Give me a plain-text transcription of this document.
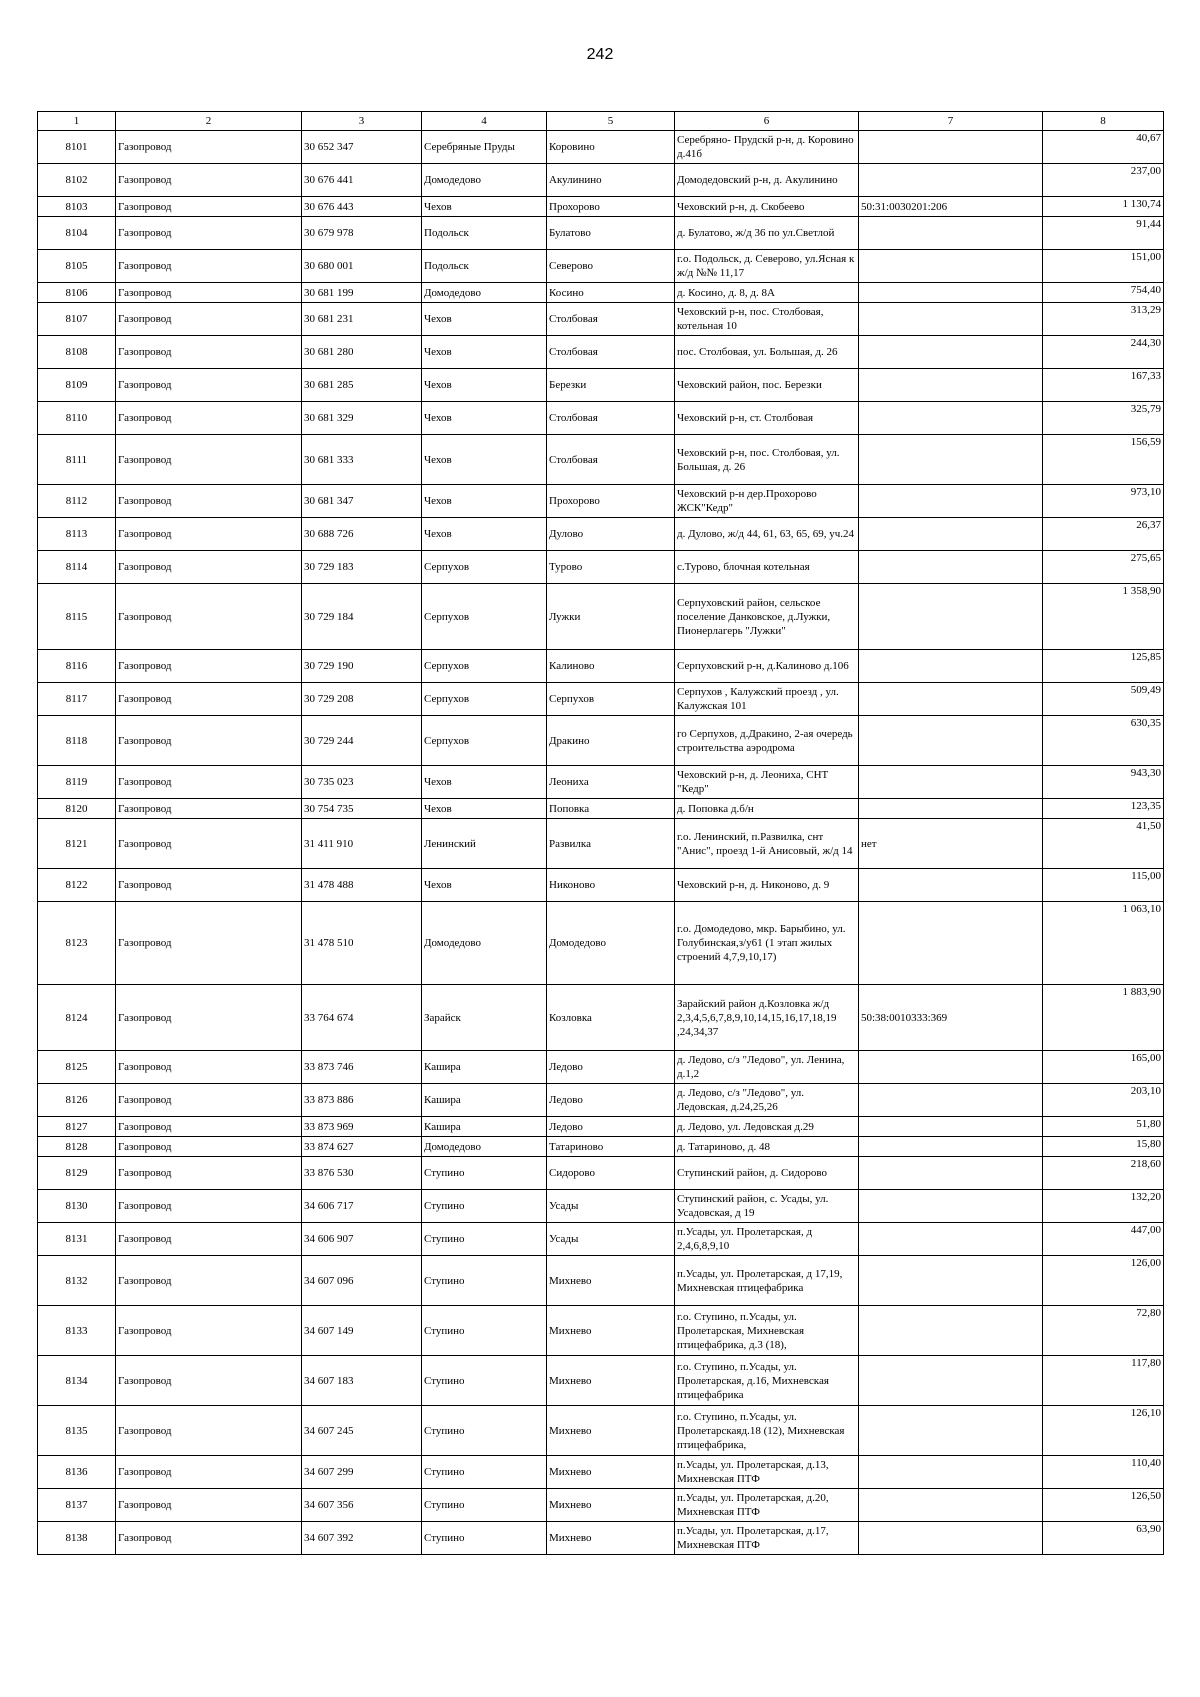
242
1	2	3	4	5	6	7	8
8101	Газопровод	30 652 347	Серебряные Пруды	Коровино	Серебряно- Прудскй р-н, д. Коровино д.41б		40,67
8102	Газопровод	30 676 441	Домодедово	Акулинино	Домодедовский р-н, д. Акулинино		237,00
8103	Газопровод	30 676 443	Чехов	Прохорово	Чеховский р-н, д. Скобеево	50:31:0030201:206	1 130,74
8104	Газопровод	30 679 978	Подольск	Булатово	д. Булатово, ж/д 36 по ул.Светлой		91,44
8105	Газопровод	30 680 001	Подольск	Северово	г.о. Подольск, д. Северово, ул.Ясная к ж/д №№ 11,17		151,00
8106	Газопровод	30 681 199	Домодедово	Косино	д. Косино, д. 8, д. 8А		754,40
8107	Газопровод	30 681 231	Чехов	Столбовая	Чеховский р-н, пос. Столбовая, котельная 10		313,29
8108	Газопровод	30 681 280	Чехов	Столбовая	пос. Столбовая, ул. Большая, д. 26		244,30
8109	Газопровод	30 681 285	Чехов	Березки	Чеховский район, пос. Березки		167,33
8110	Газопровод	30 681 329	Чехов	Столбовая	Чеховский р-н, ст. Столбовая		325,79
8111	Газопровод	30 681 333	Чехов	Столбовая	Чеховский р-н, пос. Столбовая, ул. Большая, д. 26		156,59
8112	Газопровод	30 681 347	Чехов	Прохорово	Чеховский р-н дер.Прохорово ЖСК"Кедр"		973,10
8113	Газопровод	30 688 726	Чехов	Дулово	д. Дулово, ж/д 44, 61, 63, 65, 69, уч.24		26,37
8114	Газопровод	30 729 183	Серпухов	Турово	с.Турово, блочная котельная		275,65
8115	Газопровод	30 729 184	Серпухов	Лужки	Серпуховский район, сельское поселение Данковское, д.Лужки, Пионерлагерь "Лужки"		1 358,90
8116	Газопровод	30 729 190	Серпухов	Калиново	Серпуховский р-н, д.Калиново д.106		125,85
8117	Газопровод	30 729 208	Серпухов	Серпухов	Серпухов , Калужский проезд , ул. Калужская 101		509,49
8118	Газопровод	30 729 244	Серпухов	Дракино	го Серпухов, д.Дракино, 2-ая очередь строительства аэродрома		630,35
8119	Газопровод	30 735 023	Чехов	Леониха	Чеховский р-н, д. Леониха, СНТ "Кедр"		943,30
8120	Газопровод	30 754 735	Чехов	Поповка	д. Поповка д.б/н		123,35
8121	Газопровод	31 411 910	Ленинский	Развилка	г.о. Ленинский, п.Развилка, снт "Анис", проезд 1-й Анисовый, ж/д 14	нет	41,50
8122	Газопровод	31 478 488	Чехов	Никоново	Чеховский р-н, д. Никоново, д. 9		115,00
8123	Газопровод	31 478 510	Домодедово	Домодедово	г.о. Домодедово, мкр. Барыбино, ул. Голубинская,з/у61 (1 этап жилых строений 4,7,9,10,17)		1 063,10
8124	Газопровод	33 764 674	Зарайск	Козловка	Зарайский район д.Козловка ж/д 2,3,4,5,6,7,8,9,10,14,15,16,17,18,19 ,24,34,37	50:38:0010333:369	1 883,90
8125	Газопровод	33 873 746	Кашира	Ледово	д. Ледово, с/з "Ледово", ул. Ленина, д.1,2		165,00
8126	Газопровод	33 873 886	Кашира	Ледово	д. Ледово, с/з "Ледово", ул. Ледовская, д.24,25,26		203,10
8127	Газопровод	33 873 969	Кашира	Ледово	д. Ледово, ул. Ледовская д.29		51,80
8128	Газопровод	33 874 627	Домодедово	Татариново	д. Татариново, д. 48		15,80
8129	Газопровод	33 876 530	Ступино	Сидорово	Ступинский район, д. Сидорово		218,60
8130	Газопровод	34 606 717	Ступино	Усады	Ступинский район, с. Усады, ул. Усадовская, д 19		132,20
8131	Газопровод	34 606 907	Ступино	Усады	п.Усады, ул. Пролетарская, д 2,4,6,8,9,10		447,00
8132	Газопровод	34 607 096	Ступино	Михнево	п.Усады, ул. Пролетарская, д 17,19, Михневская птицефабрика		126,00
8133	Газопровод	34 607 149	Ступино	Михнево	г.о. Ступино, п.Усады, ул. Пролетарская, Михневская птицефабрика, д.3 (18),		72,80
8134	Газопровод	34 607 183	Ступино	Михнево	г.о. Ступино, п.Усады, ул. Пролетарская, д.16, Михневская птицефабрика		117,80
8135	Газопровод	34 607 245	Ступино	Михнево	г.о. Ступино, п.Усады, ул. Пролетарскаяд.18 (12), Михневская птицефабрика,		126,10
8136	Газопровод	34 607 299	Ступино	Михнево	п.Усады, ул. Пролетарская, д.13, Михневская ПТФ		110,40
8137	Газопровод	34 607 356	Ступино	Михнево	п.Усады, ул. Пролетарская, д.20, Михневская ПТФ		126,50
8138	Газопровод	34 607 392	Ступино	Михнево	п.Усады, ул. Пролетарская, д.17, Михневская ПТФ		63,90
